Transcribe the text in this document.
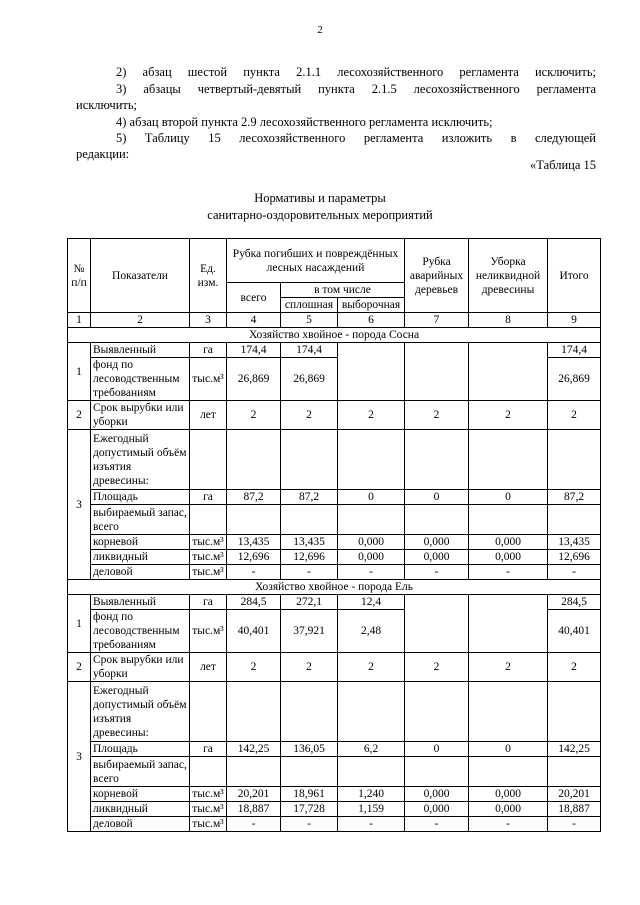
2
2) абзац шестой пункта 2.1.1 лесохозяйственного регламента исключить;
3) абзацы четвертый-девятый пункта 2.1.5 лесохозяйственного регламента
исключить;
4) абзац второй пункта 2.9 лесохозяйственного регламента исключить;
5) Таблицу 15 лесохозяйственного регламента изложить в следующей
редакции:
«Таблица 15
Нормативы и параметры
санитарно-оздоровительных мероприятий
№ п/п	Показатели	Ед. изм.	Рубка погибших и повреждённых лесных насаждений			Рубка аварийных деревьев	Уборка неликвидной древесины	Итого
			всего	в том числе				
				сплошная	выборочная			
1	2	3	4	5	6	7	8	9
Хозяйство хвойное - порода Сосна								
1	Выявленный	га	174,4	174,4				174,4
	фонд по лесоводственным требованиям	тыс.м³	26,869	26,869				26,869
2	Срок вырубки или уборки	лет	2	2	2	2	2	2
3	Ежегодный допустимый объём изъятия древесины:							
	Площадь	га	87,2	87,2	0	0	0	87,2
	выбираемый запас, всего							
	корневой	тыс.м³	13,435	13,435	0,000	0,000	0,000	13,435
	ликвидный	тыс.м³	12,696	12,696	0,000	0,000	0,000	12,696
	деловой	тыс.м³	-	-	-	-	-	-
Хозяйство хвойное - порода Ель								
1	Выявленный	га	284,5	272,1	12,4			284,5
	фонд по лесоводственным требованиям	тыс.м³	40,401	37,921	2,48			40,401
2	Срок вырубки или уборки	лет	2	2	2	2	2	2
3	Ежегодный допустимый объём изъятия древесины:							
	Площадь	га	142,25	136,05	6,2	0	0	142,25
	выбираемый запас, всего							
	корневой	тыс.м³	20,201	18,961	1,240	0,000	0,000	20,201
	ликвидный	тыс.м³	18,887	17,728	1,159	0,000	0,000	18,887
	деловой	тыс.м³	-	-	-	-	-	-
